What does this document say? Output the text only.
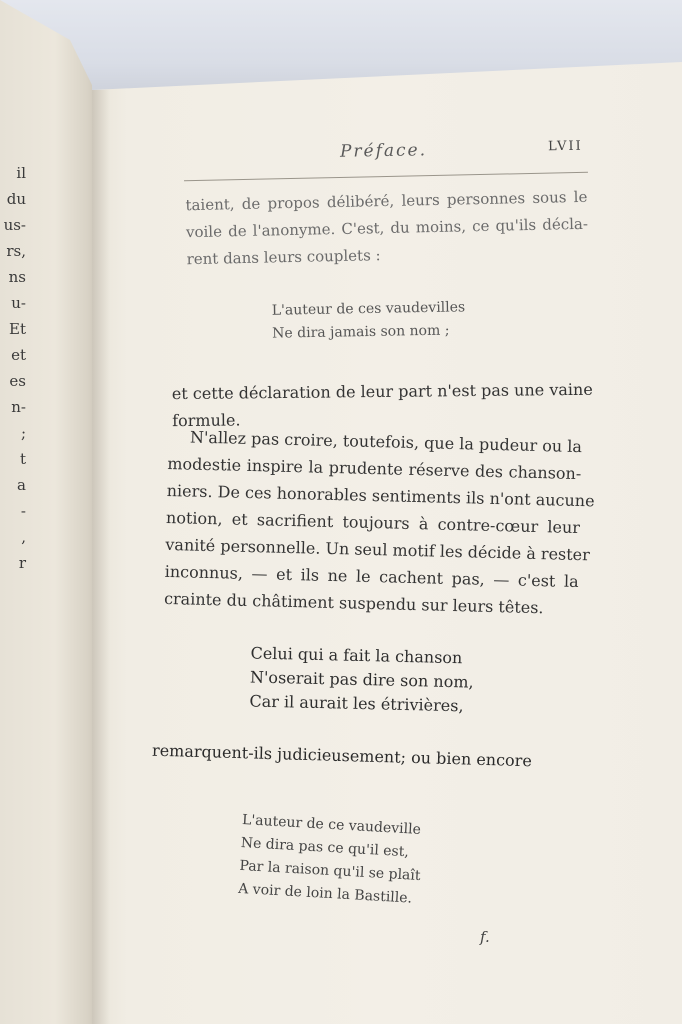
il
du
us-
rs,
ns
u-
Et
et
es
n-
;
t
a
-
,
r
Préface.	LVII

taient, de propos délibéré, leurs personnes sous le
voile de l'anonyme. C'est, du moins, ce qu'ils décla-
rent dans leurs couplets :

L'auteur de ces vaudevilles
Ne dira jamais son nom ;

et cette déclaration de leur part n'est pas une vaine
formule.

N'allez pas croire, toutefois, que la pudeur ou la
modestie inspire la prudente réserve des chanson-
niers. De ces honorables sentiments ils n'ont aucune
notion, et sacrifient toujours à contre-cœur leur
vanité personnelle. Un seul motif les décide à rester
inconnus, — et ils ne le cachent pas, — c'est la
crainte du châtiment suspendu sur leurs têtes.

Celui qui a fait la chanson
N'oserait pas dire son nom,
Car il aurait les étrivières,

remarquent-ils judicieusement; ou bien encore

L'auteur de ce vaudeville
Ne dira pas ce qu'il est,
Par la raison qu'il se plaît
A voir de loin la Bastille.
f.
